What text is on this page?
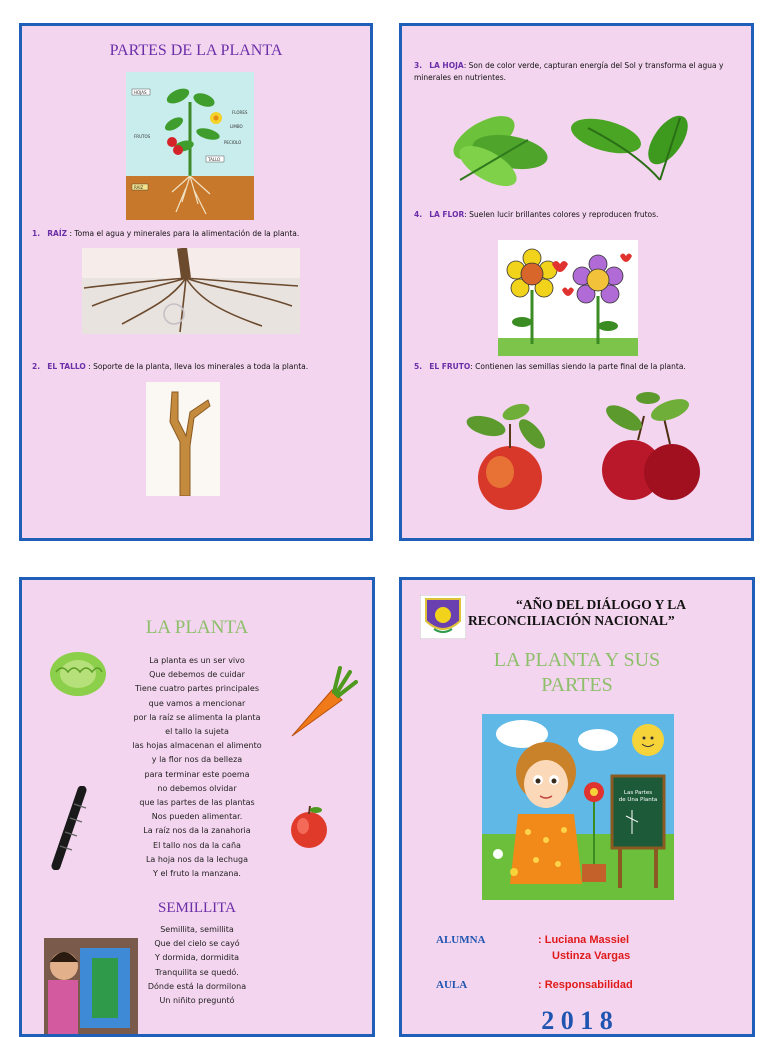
PARTES DE LA PLANTA
HOJAS
FLORES
LIMBO
PECIOLO
FRUTOS
TALLO
RAIZ
1. RAÍZ : Toma el agua y minerales para la alimentación de la planta.
2. EL TALLO : Soporte de la planta, lleva los minerales a toda la planta.
3. LA HOJA: Son de color verde, capturan energía del Sol y transforma el agua y minerales en nutrientes.
4. LA FLOR: Suelen lucir brillantes colores y reproducen frutos.
5. EL FRUTO: Contienen las semillas siendo la parte final de la planta.
LA PLANTA
La planta es un ser vivo
Que debemos de cuidar
Tiene cuatro partes principales
que vamos a mencionar
por la raíz se alimenta la planta
el tallo la sujeta
las hojas almacenan el alimento
y la flor nos da belleza
para terminar este poema
no debemos olvidar
que las partes de las plantas
Nos pueden alimentar.
La raíz nos da la zanahoria
El tallo nos da la caña
La hoja nos da la lechuga
Y el fruto la manzana.
SEMILLITA
Semillita, semillita
Que del cielo se cayó
Y dormida, dormidita
Tranquilita se quedó.
Dónde está la dormilona
Un niñito preguntó
“AÑO DEL DIÁLOGO Y LA
RECONCILIACIÓN NACIONAL”
LA PLANTA Y SUS
PARTES
Las Partes
de Una Planta
ALUMNA	: Luciana Massiel
Ustinza Vargas
AULA	: Responsabilidad
2 0 1 8
